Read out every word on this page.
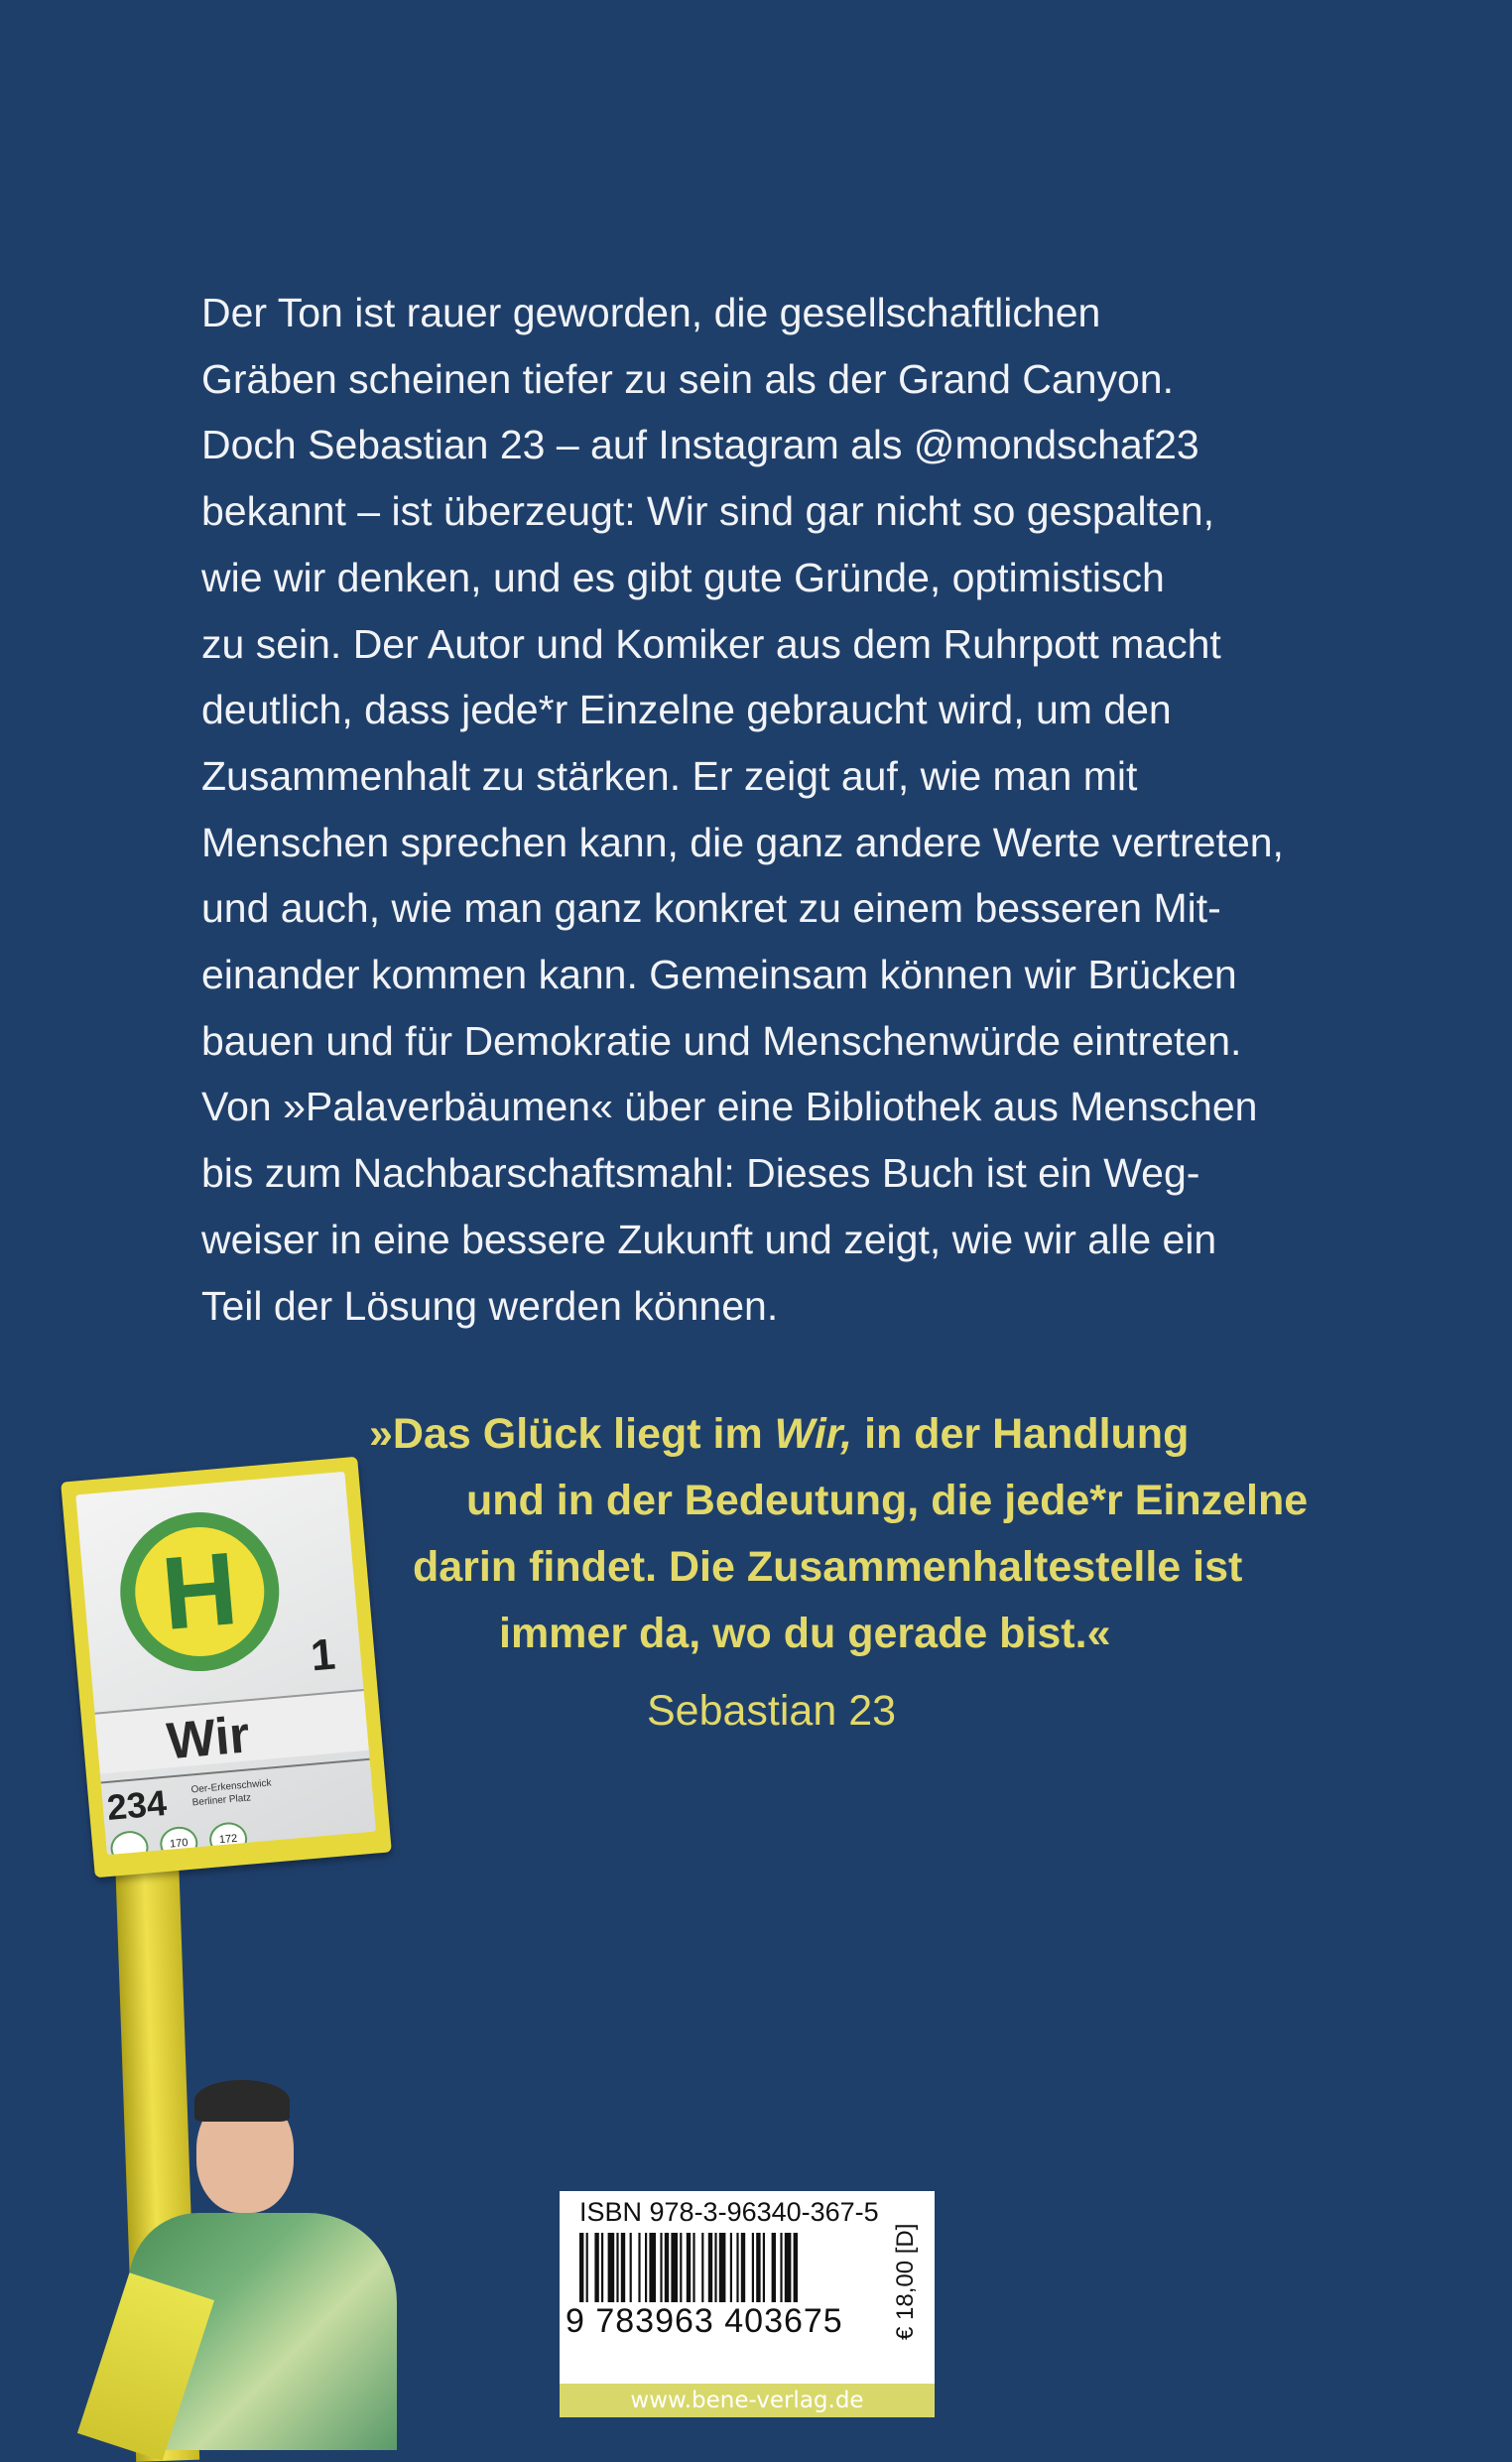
Der Ton ist rauer geworden, die gesellschaftlichen
Gräben scheinen tiefer zu sein als der Grand Canyon.
Doch Sebastian 23 – auf Instagram als @mondschaf23
bekannt – ist überzeugt: Wir sind gar nicht so gespalten,
wie wir denken, und es gibt gute Gründe, optimistisch
zu sein. Der Autor und Komiker aus dem Ruhrpott macht
deutlich, dass jede*r Einzelne gebraucht wird, um den
Zusammenhalt zu stärken. Er zeigt auf, wie man mit
Menschen sprechen kann, die ganz andere Werte vertreten,
und auch, wie man ganz konkret zu einem besseren Mit-
einander kommen kann. Gemeinsam können wir Brücken
bauen und für Demokratie und Menschenwürde eintreten.
Von »Palaverbäumen« über eine Bibliothek aus Menschen
bis zum Nachbarschaftsmahl: Dieses Buch ist ein Weg-
weiser in eine bessere Zukunft und zeigt, wie wir alle ein
Teil der Lösung werden können.

»Das Glück liegt im Wir, in der Handlung
und in der Bedeutung, die jede*r Einzelne
darin findet. Die Zusammenhaltestelle ist
immer da, wo du gerade bist.«
Sebastian 23
H
1
Wir
234 Oer-Erkenschwick
Berliner Platz
170	172
ISBN 978-3-96340-367-5
9 783963 403675 € 18,00 [D]
www.bene-verlag.de
